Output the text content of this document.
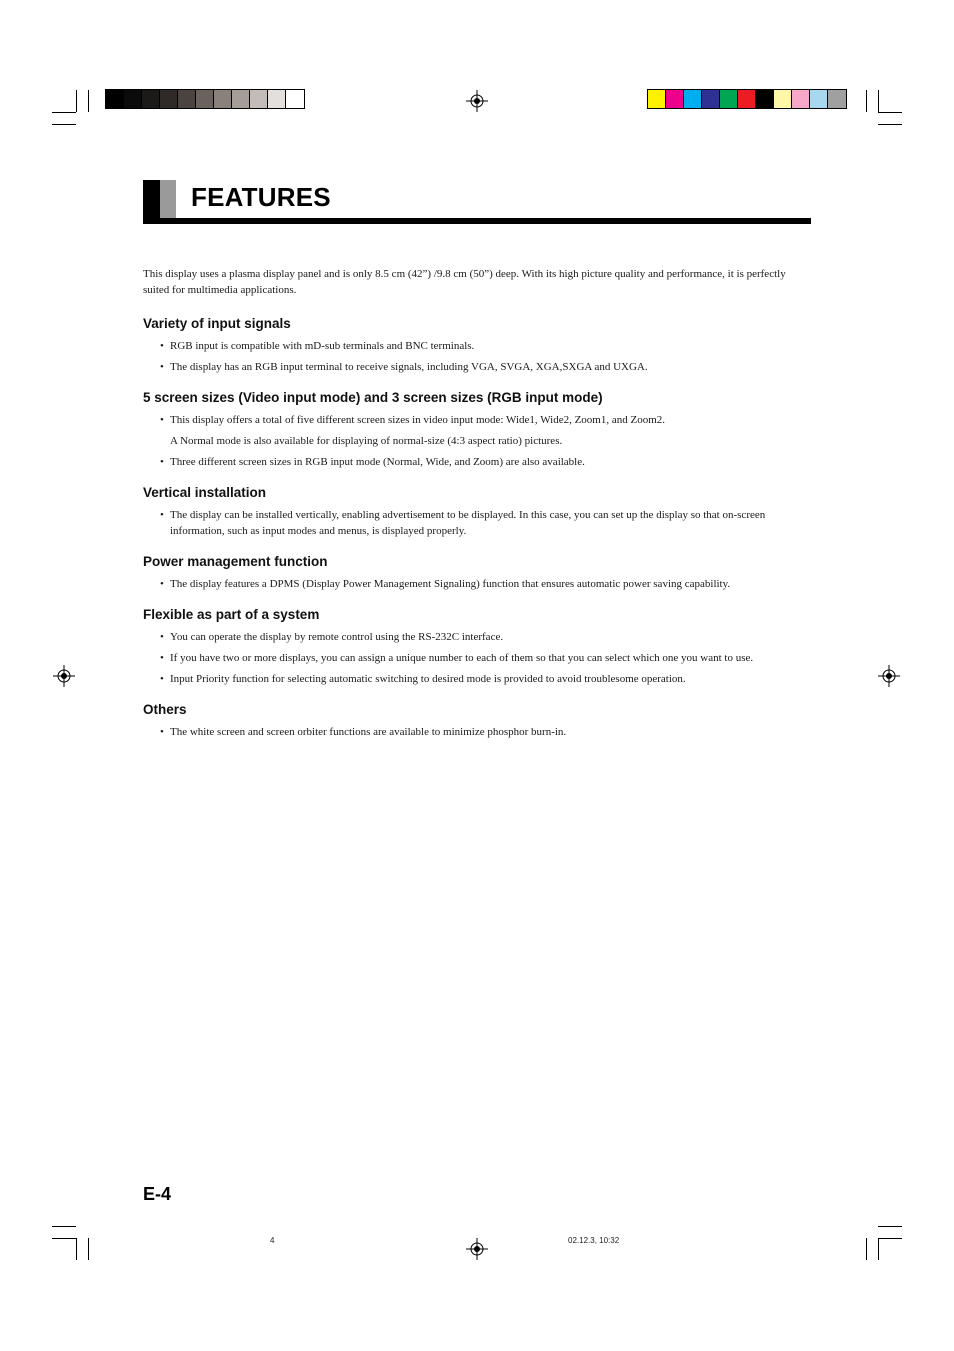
FEATURES

This display uses a plasma display panel and is only 8.5 cm (42”) /9.8 cm (50”) deep. With its high picture quality and performance, it is perfectly suited for multimedia applications.

Variety of input signals
• RGB input is compatible with mD-sub terminals and BNC terminals.
• The display has an RGB input terminal to receive signals, including VGA, SVGA, XGA,SXGA and UXGA.
5 screen sizes (Video input mode) and 3 screen sizes (RGB input mode)
• This display offers a total of five different screen sizes in video input mode: Wide1, Wide2, Zoom1, and Zoom2.
A Normal mode is also available for displaying of normal-size (4:3 aspect ratio) pictures.
• Three different screen sizes in RGB input mode (Normal, Wide, and Zoom) are also available.
Vertical installation
• The display can be installed vertically, enabling advertisement to be displayed. In this case, you can set up the display so that on-screen information, such as input modes and menus, is displayed properly.
Power management function
• The display features a DPMS (Display Power Management Signaling) function that ensures automatic power saving capability.
Flexible as part of a system
• You can operate the display by remote control using the RS-232C interface.
• If you have two or more displays, you can assign a unique number to each of them so that you can select which one you want to use.
• Input Priority function for selecting automatic switching to desired mode is provided to avoid troublesome operation.
Others
• The white screen and screen orbiter functions are available to minimize phosphor burn-in.
E-4
4	02.12.3, 10:32
